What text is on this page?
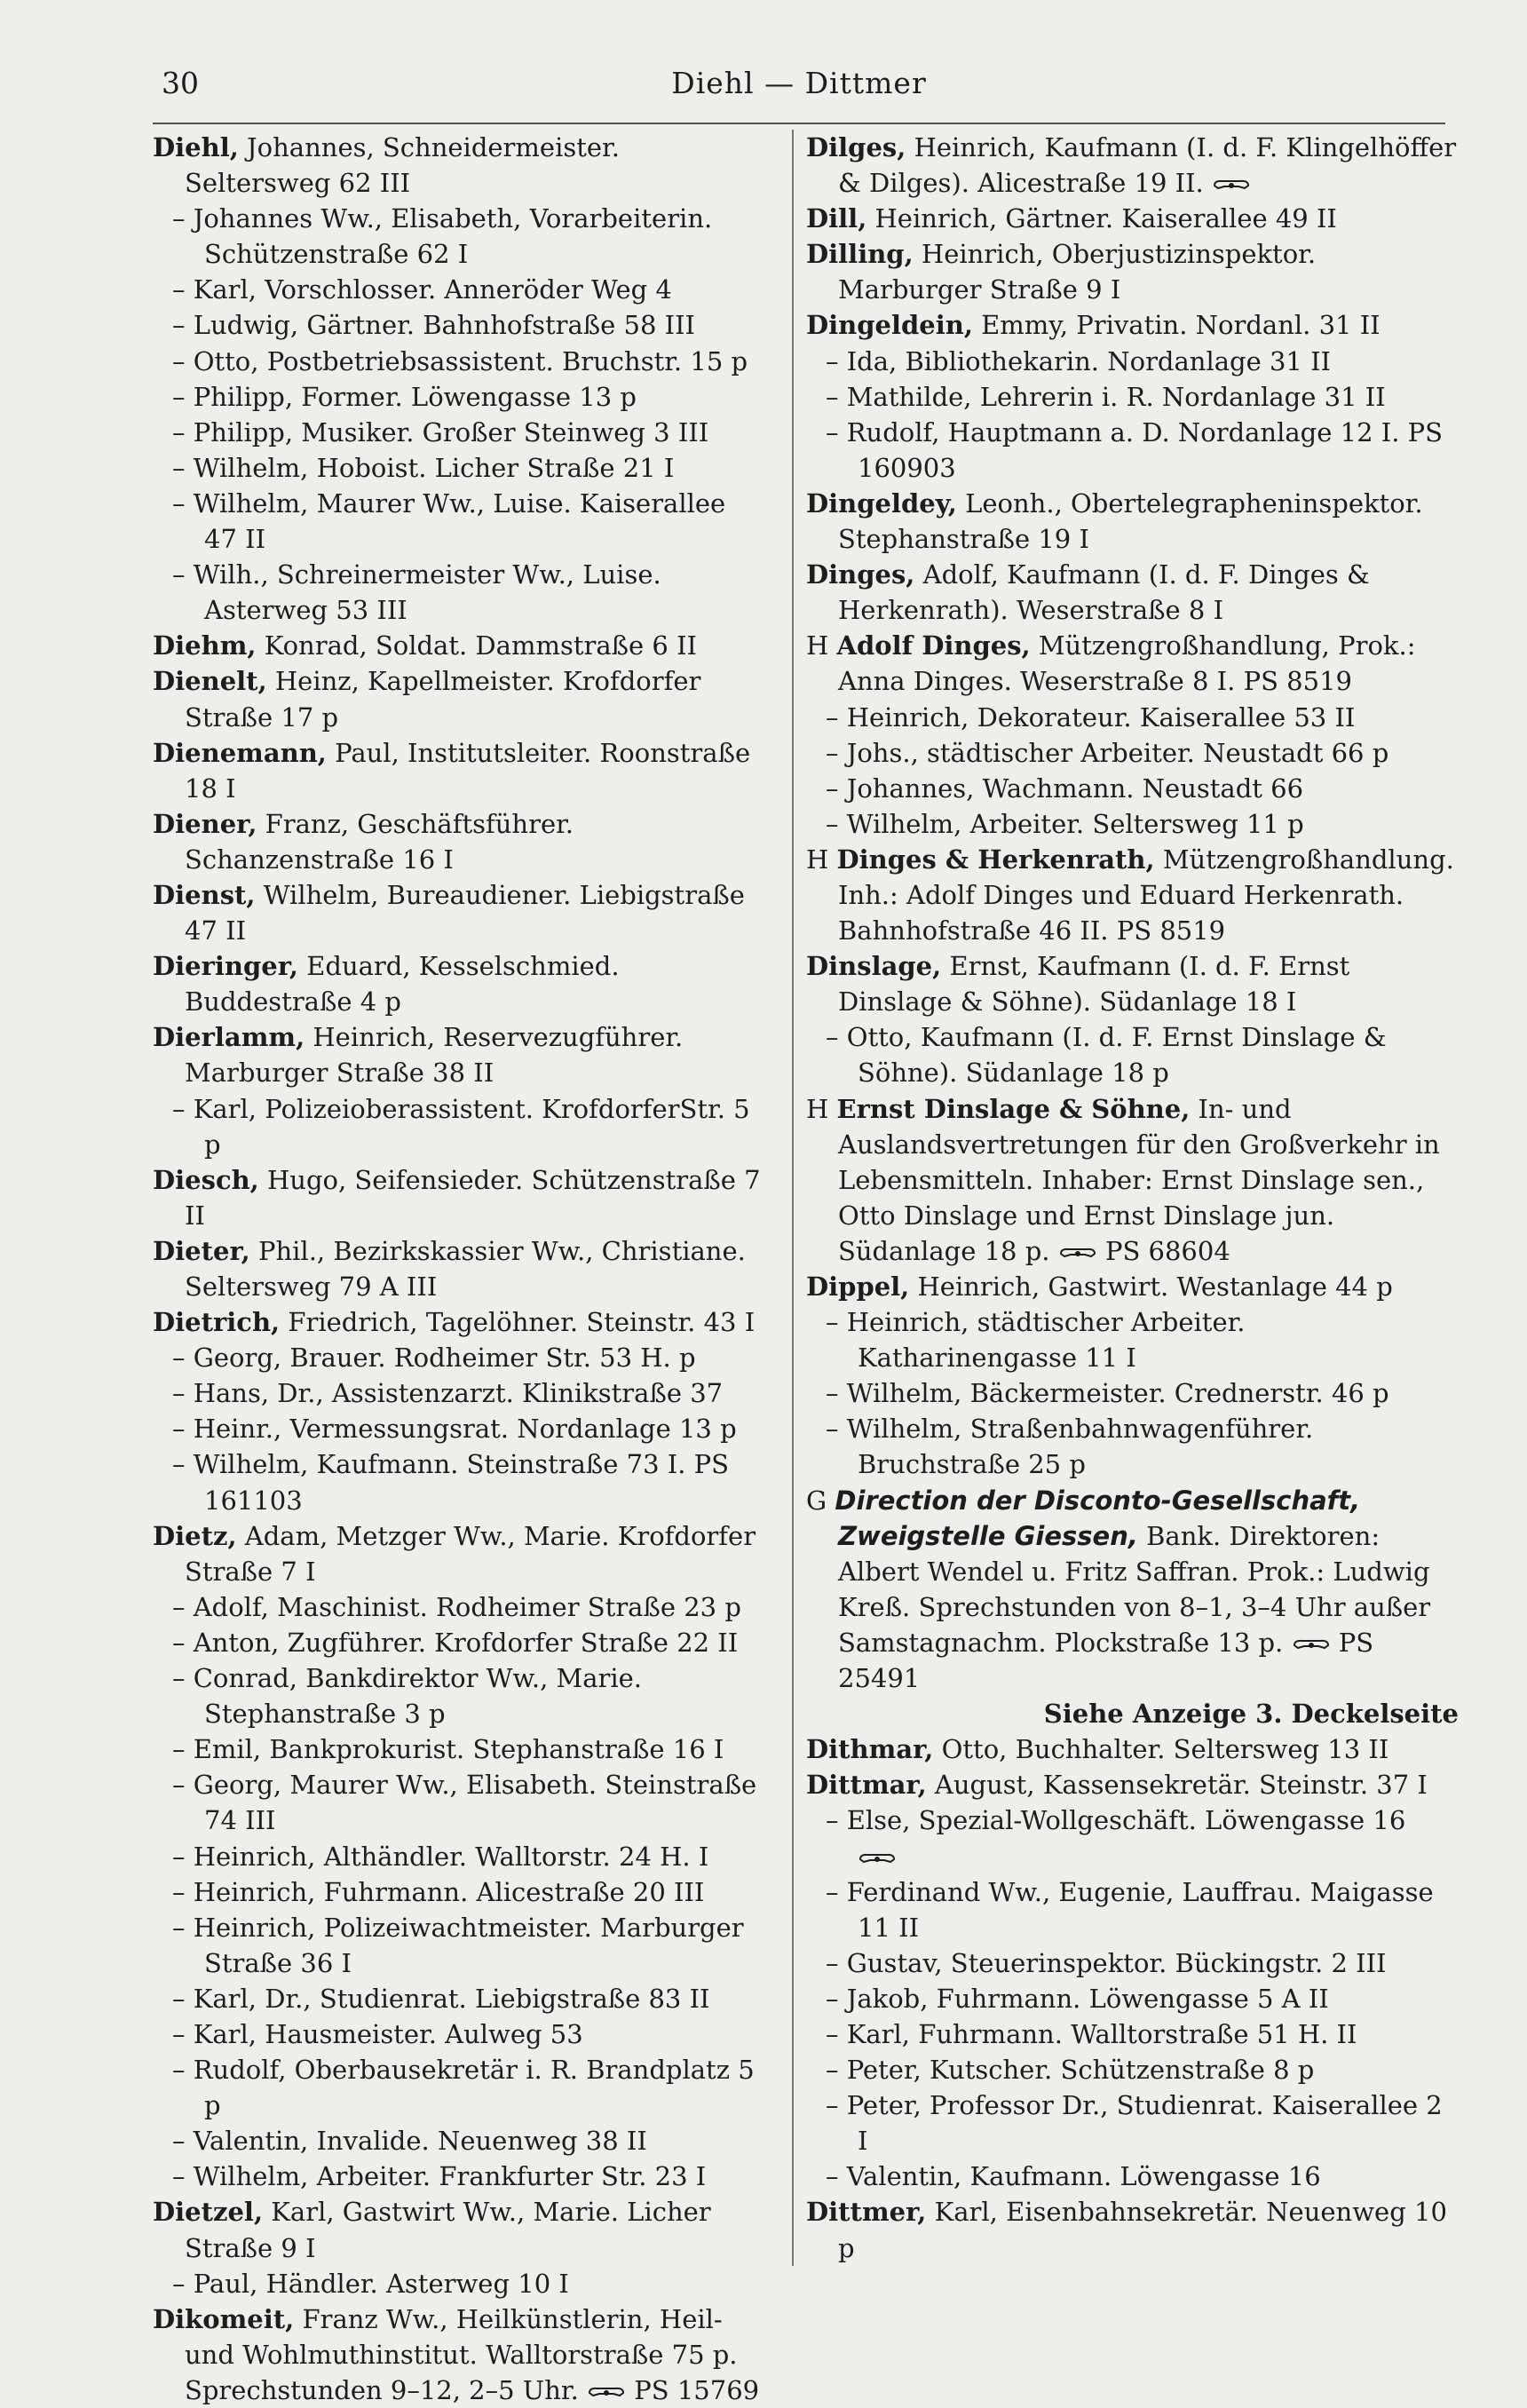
30	Diehl — Dittmer

Diehl, Johannes, Schneidermeister. Seltersweg 62 III

– Johannes Ww., Elisabeth, Vorarbeiterin. Schützenstraße 62 I

– Karl, Vorschlosser. Anneröder Weg 4

– Ludwig, Gärtner. Bahnhofstraße 58 III

– Otto, Postbetriebsassistent. Bruchstr. 15 p

– Philipp, Former. Löwengasse 13 p

– Philipp, Musiker. Großer Steinweg 3 III

– Wilhelm, Hoboist. Licher Straße 21 I

– Wilhelm, Maurer Ww., Luise. Kaiserallee 47 II

– Wilh., Schreinermeister Ww., Luise. Asterweg 53 III

Diehm, Konrad, Soldat. Dammstraße 6 II

Dienelt, Heinz, Kapellmeister. Krofdorfer Straße 17 p

Dienemann, Paul, Institutsleiter. Roonstraße 18 I

Diener, Franz, Geschäftsführer. Schanzenstraße 16 I

Dienst, Wilhelm, Bureaudiener. Liebigstraße 47 II

Dieringer, Eduard, Kesselschmied. Buddestraße 4 p

Dierlamm, Heinrich, Reservezugführer. Marburger Straße 38 II

– Karl, Polizeioberassistent. KrofdorferStr. 5 p

Diesch, Hugo, Seifensieder. Schützenstraße 7 II

Dieter, Phil., Bezirkskassier Ww., Christiane. Seltersweg 79 A III

Dietrich, Friedrich, Tagelöhner. Steinstr. 43 I

– Georg, Brauer. Rodheimer Str. 53 H. p

– Hans, Dr., Assistenzarzt. Klinikstraße 37

– Heinr., Vermessungsrat. Nordanlage 13 p

– Wilhelm, Kaufmann. Steinstraße 73 I. PS 161103

Dietz, Adam, Metzger Ww., Marie. Krofdorfer Straße 7 I

– Adolf, Maschinist. Rodheimer Straße 23 p

– Anton, Zugführer. Krofdorfer Straße 22 II

– Conrad, Bankdirektor Ww., Marie. Stephanstraße 3 p

– Emil, Bankprokurist. Stephanstraße 16 I

– Georg, Maurer Ww., Elisabeth. Steinstraße 74 III

– Heinrich, Althändler. Walltorstr. 24 H. I

– Heinrich, Fuhrmann. Alicestraße 20 III

– Heinrich, Polizeiwachtmeister. Marburger Straße 36 I

– Karl, Dr., Studienrat. Liebigstraße 83 II

– Karl, Hausmeister. Aulweg 53

– Rudolf, Oberbausekretär i. R. Brandplatz 5 p

– Valentin, Invalide. Neuenweg 38 II

– Wilhelm, Arbeiter. Frankfurter Str. 23 I

Dietzel, Karl, Gastwirt Ww., Marie. Licher Straße 9 I

– Paul, Händler. Asterweg 10 I

Dikomeit, Franz Ww., Heilkünstlerin, Heil- und Wohlmuthinstitut. Walltorstraße 75 p. Sprechstunden 9–12, 2–5 Uhr. PS 15769

Dilges, Heinrich, Kaufmann (I. d. F. Klingelhöffer & Dilges). Alicestraße 19 II.

Dill, Heinrich, Gärtner. Kaiserallee 49 II

Dilling, Heinrich, Oberjustizinspektor. Marburger Straße 9 I

Dingeldein, Emmy, Privatin. Nordanl. 31 II

– Ida, Bibliothekarin. Nordanlage 31 II

– Mathilde, Lehrerin i. R. Nordanlage 31 II

– Rudolf, Hauptmann a. D. Nordanlage 12 I. PS 160903

Dingeldey, Leonh., Obertelegrapheninspektor. Stephanstraße 19 I

Dinges, Adolf, Kaufmann (I. d. F. Dinges & Herkenrath). Weserstraße 8 I

H Adolf Dinges, Mützengroßhandlung, Prok.: Anna Dinges. Weserstraße 8 I. PS 8519

– Heinrich, Dekorateur. Kaiserallee 53 II

– Johs., städtischer Arbeiter. Neustadt 66 p

– Johannes, Wachmann. Neustadt 66

– Wilhelm, Arbeiter. Seltersweg 11 p

H Dinges & Herkenrath, Mützengroßhandlung. Inh.: Adolf Dinges und Eduard Herkenrath. Bahnhofstraße 46 II. PS 8519

Dinslage, Ernst, Kaufmann (I. d. F. Ernst Dinslage & Söhne). Südanlage 18 I

– Otto, Kaufmann (I. d. F. Ernst Dinslage & Söhne). Südanlage 18 p

H Ernst Dinslage & Söhne, In- und Auslandsvertretungen für den Großverkehr in Lebensmitteln. Inhaber: Ernst Dinslage sen., Otto Dinslage und Ernst Dinslage jun. Südanlage 18 p. PS 68604

Dippel, Heinrich, Gastwirt. Westanlage 44 p

– Heinrich, städtischer Arbeiter. Katharinengasse 11 I

– Wilhelm, Bäckermeister. Crednerstr. 46 p

– Wilhelm, Straßenbahnwagenführer. Bruchstraße 25 p

G Direction der Disconto-Gesellschaft, Zweigstelle Giessen, Bank. Direktoren: Albert Wendel u. Fritz Saffran. Prok.: Ludwig Kreß. Sprechstunden von 8–1, 3–4 Uhr außer Samstagnachm. Plockstraße 13 p. PS 25491

Siehe Anzeige 3. Deckelseite

Dithmar, Otto, Buchhalter. Seltersweg 13 II

Dittmar, August, Kassensekretär. Steinstr. 37 I

– Else, Spezial-Wollgeschäft. Löwengasse 16

– Ferdinand Ww., Eugenie, Lauffrau. Maigasse 11 II

– Gustav, Steuerinspektor. Bückingstr. 2 III

– Jakob, Fuhrmann. Löwengasse 5 A II

– Karl, Fuhrmann. Walltorstraße 51 H. II

– Peter, Kutscher. Schützenstraße 8 p

– Peter, Professor Dr., Studienrat. Kaiserallee 2 I

– Valentin, Kaufmann. Löwengasse 16

Dittmer, Karl, Eisenbahnsekretär. Neuenweg 10 p
